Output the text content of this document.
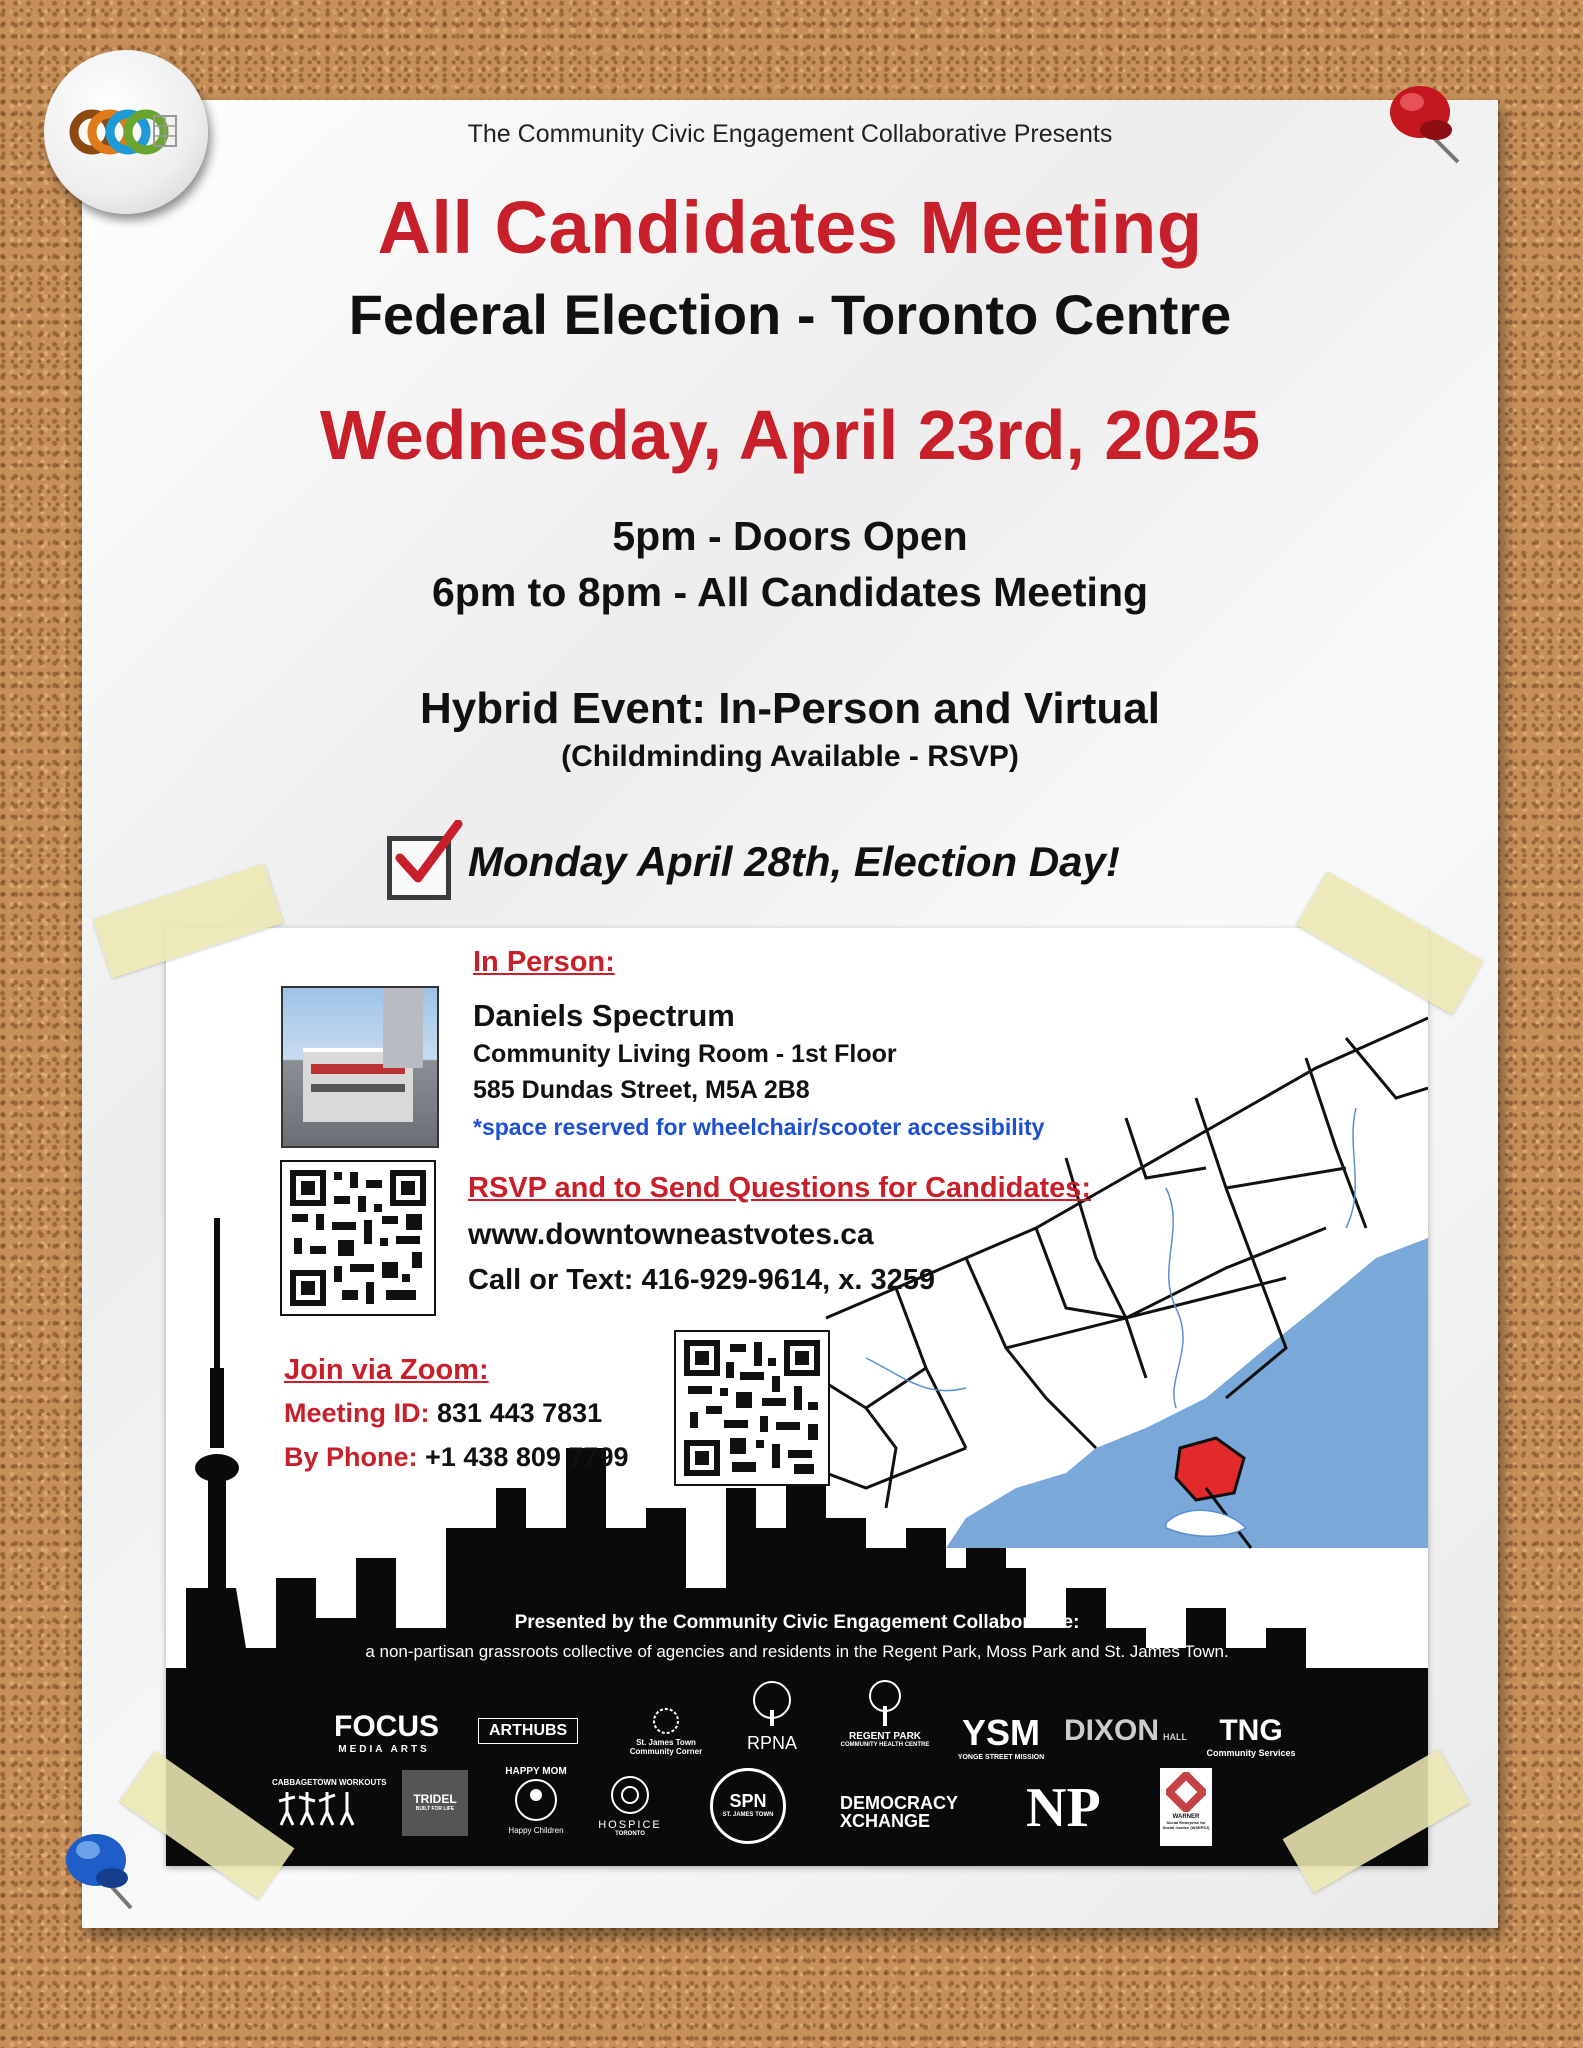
The Community Civic Engagement Collaborative Presents
All Candidates Meeting
Federal Election - Toronto Centre
Wednesday, April 23rd, 2025
5pm - Doors Open
6pm to 8pm - All Candidates Meeting
Hybrid Event: In-Person and Virtual
(Childminding Available - RSVP)
Monday April 28th, Election Day!
In Person:
Daniels Spectrum
Community Living Room - 1st Floor
585 Dundas Street, M5A 2B8
*space reserved for wheelchair/scooter accessibility
RSVP and to Send Questions for Candidates:
www.downtowneastvotes.ca
Call or Text: 416-929-9614, x. 3259
Join via Zoom:
Meeting ID: 831 443 7831
By Phone: +1 438 809 7799
Presented by the Community Civic Engagement Collaborative:
a non-partisan grassroots collective of agencies and residents in the Regent Park, Moss Park and St. James Town.
FOCUS
MEDIA ARTS
ARTHUBS
St. James Town Community Corner	RPNA	REGENT PARK
COMMUNITY HEALTH CENTRE YSM
YONGE STREET MISSION
DIXON HALL	TNG
Community Services
CABBAGETOWN WORKOUTS
TRIDEL
BUILT FOR LIFE
HAPPY MOM
Happy Children	HOSPICE
TORONTO
SPN
ST. JAMES TOWN
DEMOCRACY
XCHANGE	NP	WARNER
Social Enterprise for Social Justice (WSEFSJ)
